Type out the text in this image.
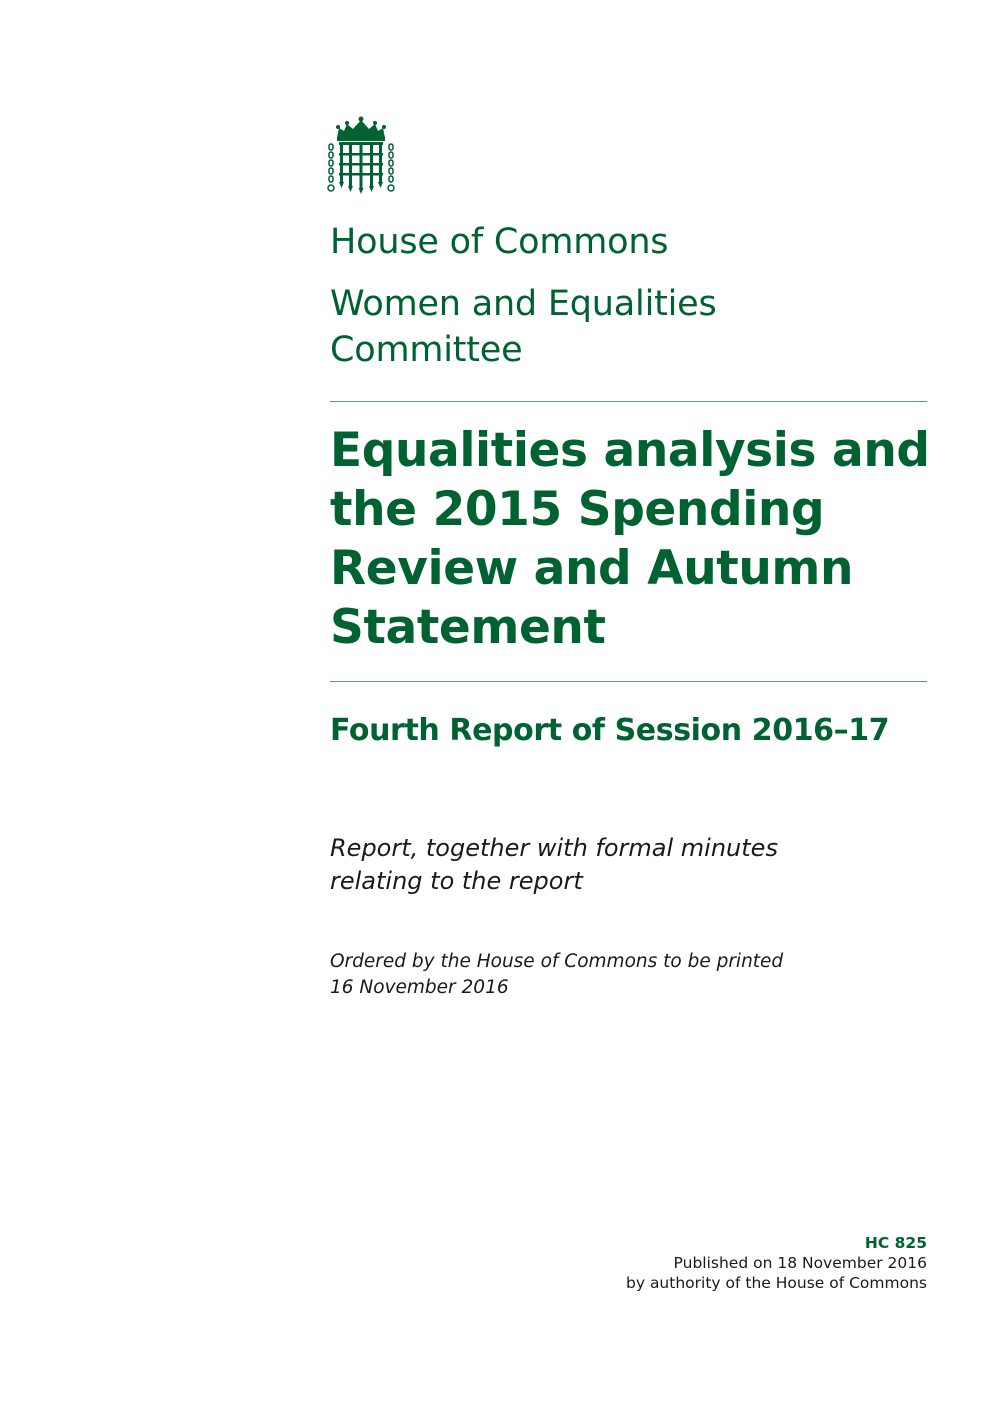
House of Commons
Women and Equalities
Committee
Equalities analysis and
the 2015 Spending
Review and Autumn
Statement
Fourth Report of Session 2016–17
Report, together with formal minutes
relating to the report
Ordered by the House of Commons to be printed
16 November 2016
HC 825
Published on 18 November 2016
by authority of the House of Commons
